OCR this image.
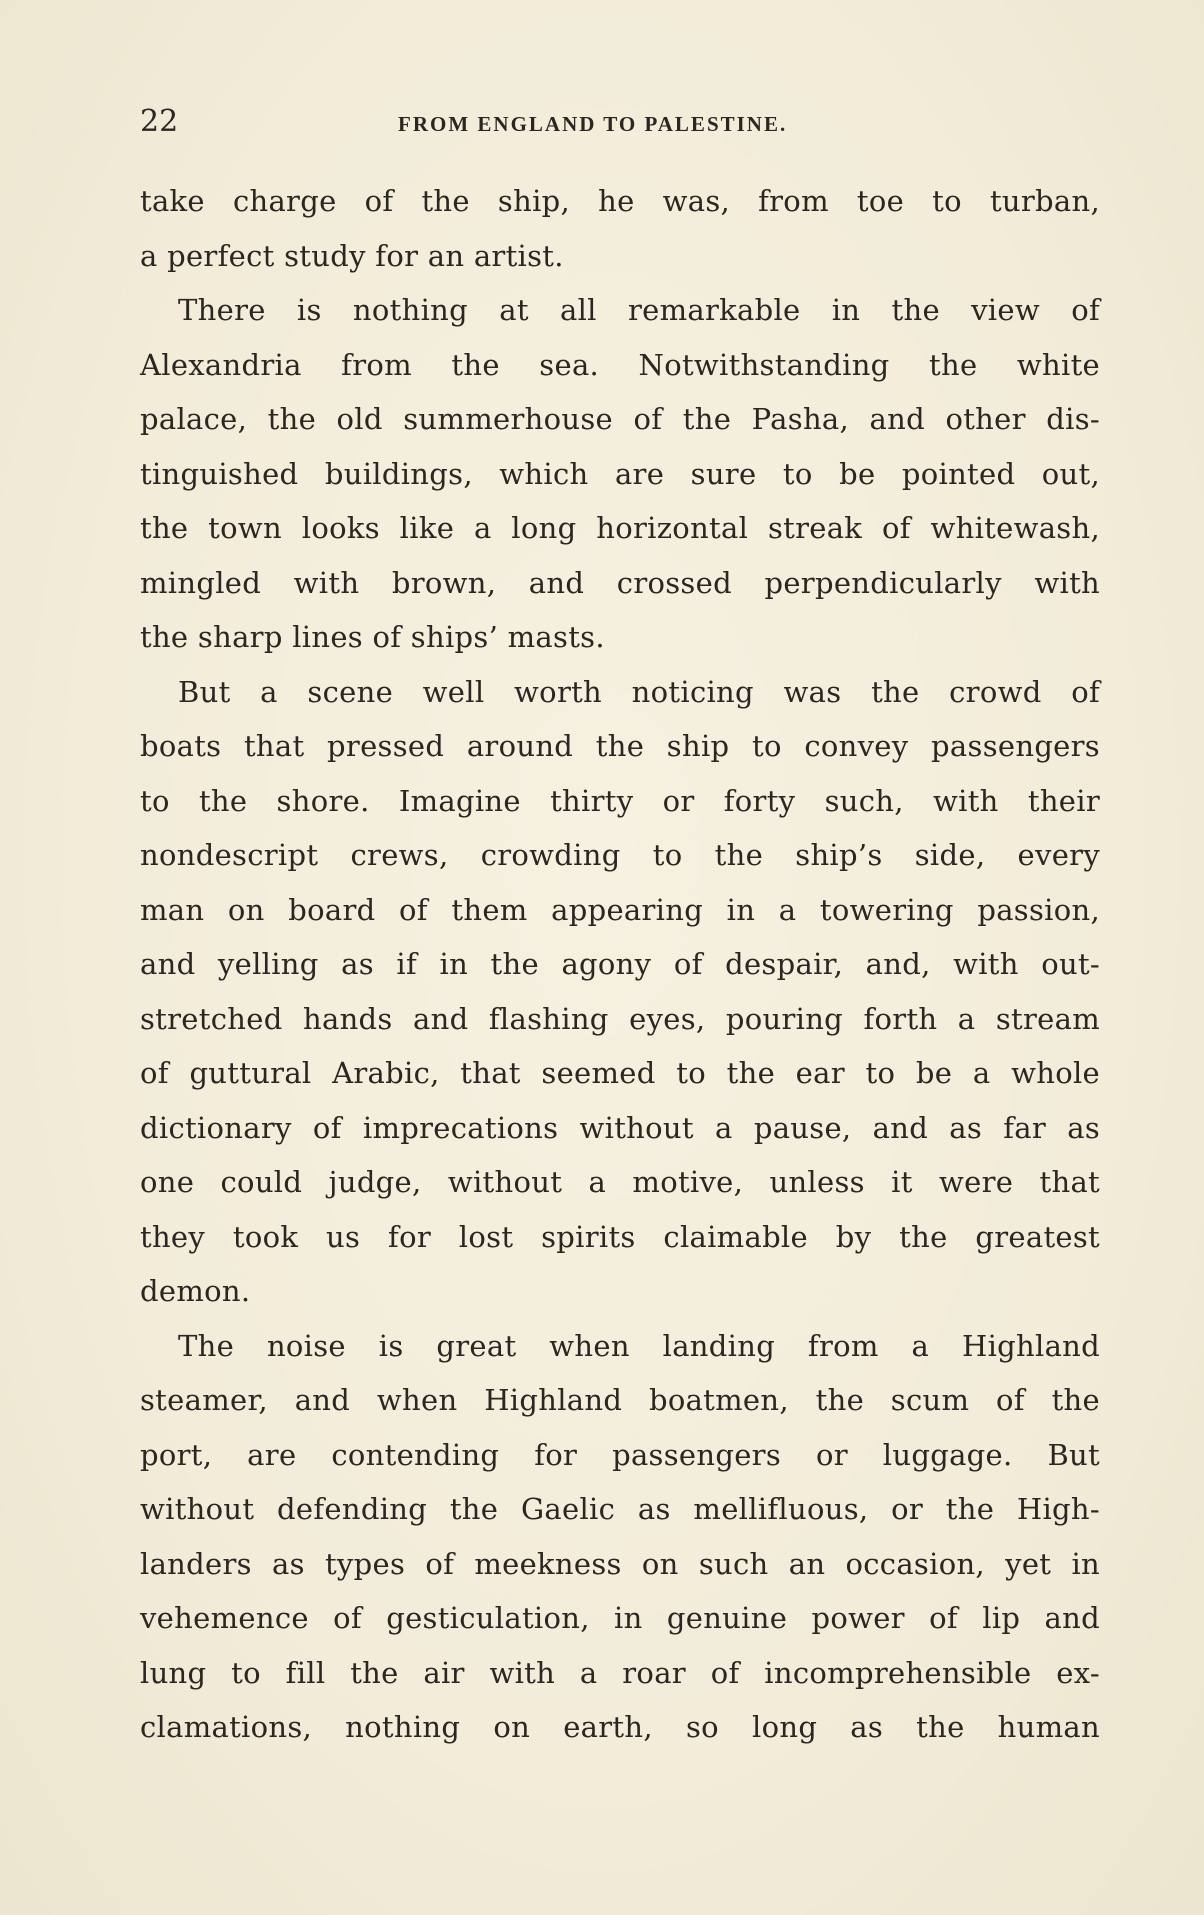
22	FROM ENGLAND TO PALESTINE.
take charge of the ship, he was, from toe to turban,
a perfect study for an artist.
There is nothing at all remarkable in the view of
Alexandria from the sea. Notwithstanding the white
palace, the old summerhouse of the Pasha, and other dis-
tinguished buildings, which are sure to be pointed out,
the town looks like a long horizontal streak of whitewash,
mingled with brown, and crossed perpendicularly with
the sharp lines of ships’ masts.
But a scene well worth noticing was the crowd of
boats that pressed around the ship to convey passengers
to the shore. Imagine thirty or forty such, with their
nondescript crews, crowding to the ship’s side, every
man on board of them appearing in a towering passion,
and yelling as if in the agony of despair, and, with out-
stretched hands and flashing eyes, pouring forth a stream
of guttural Arabic, that seemed to the ear to be a whole
dictionary of imprecations without a pause, and as far as
one could judge, without a motive, unless it were that
they took us for lost spirits claimable by the greatest
demon.
The noise is great when landing from a Highland
steamer, and when Highland boatmen, the scum of the
port, are contending for passengers or luggage. But
without defending the Gaelic as mellifluous, or the High-
landers as types of meekness on such an occasion, yet in
vehemence of gesticulation, in genuine power of lip and
lung to fill the air with a roar of incomprehensible ex-
clamations, nothing on earth, so long as the human
